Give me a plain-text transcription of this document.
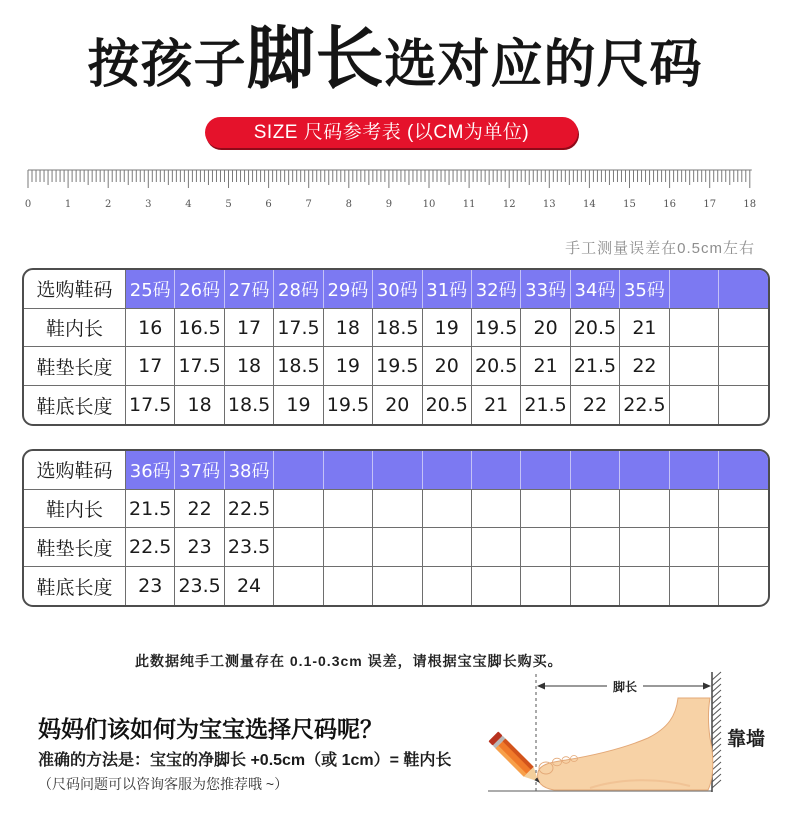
按孩子脚长选对应的尺码
SIZE 尺码参考表 (以CM为单位)
0	1	2	3	4	5	6	7	8	9	10	11	12	13	14	15	16	17	18
手工测量误差在0.5cm左右
选购鞋码	25码	26码	27码	28码	29码	30码	31码	32码	33码	34码	35码		
鞋内长	16	16.5	17	17.5	18	18.5	19	19.5	20	20.5	21		
鞋垫长度	17	17.5	18	18.5	19	19.5	20	20.5	21	21.5	22		
鞋底长度	17.5	18	18.5	19	19.5	20	20.5	21	21.5	22	22.5		
选购鞋码	36码	37码	38码										
鞋内长	21.5	22	22.5										
鞋垫长度	22.5	23	23.5										
鞋底长度	23	23.5	24										
此数据纯手工测量存在 0.1-0.3cm 误差，请根据宝宝脚长购买。
妈妈们该如何为宝宝选择尺码呢？
准确的方法是：宝宝的净脚长 +0.5cm（或 1cm）= 鞋内长
（尺码问题可以咨询客服为您推荐哦 ~）
脚长
靠墙
